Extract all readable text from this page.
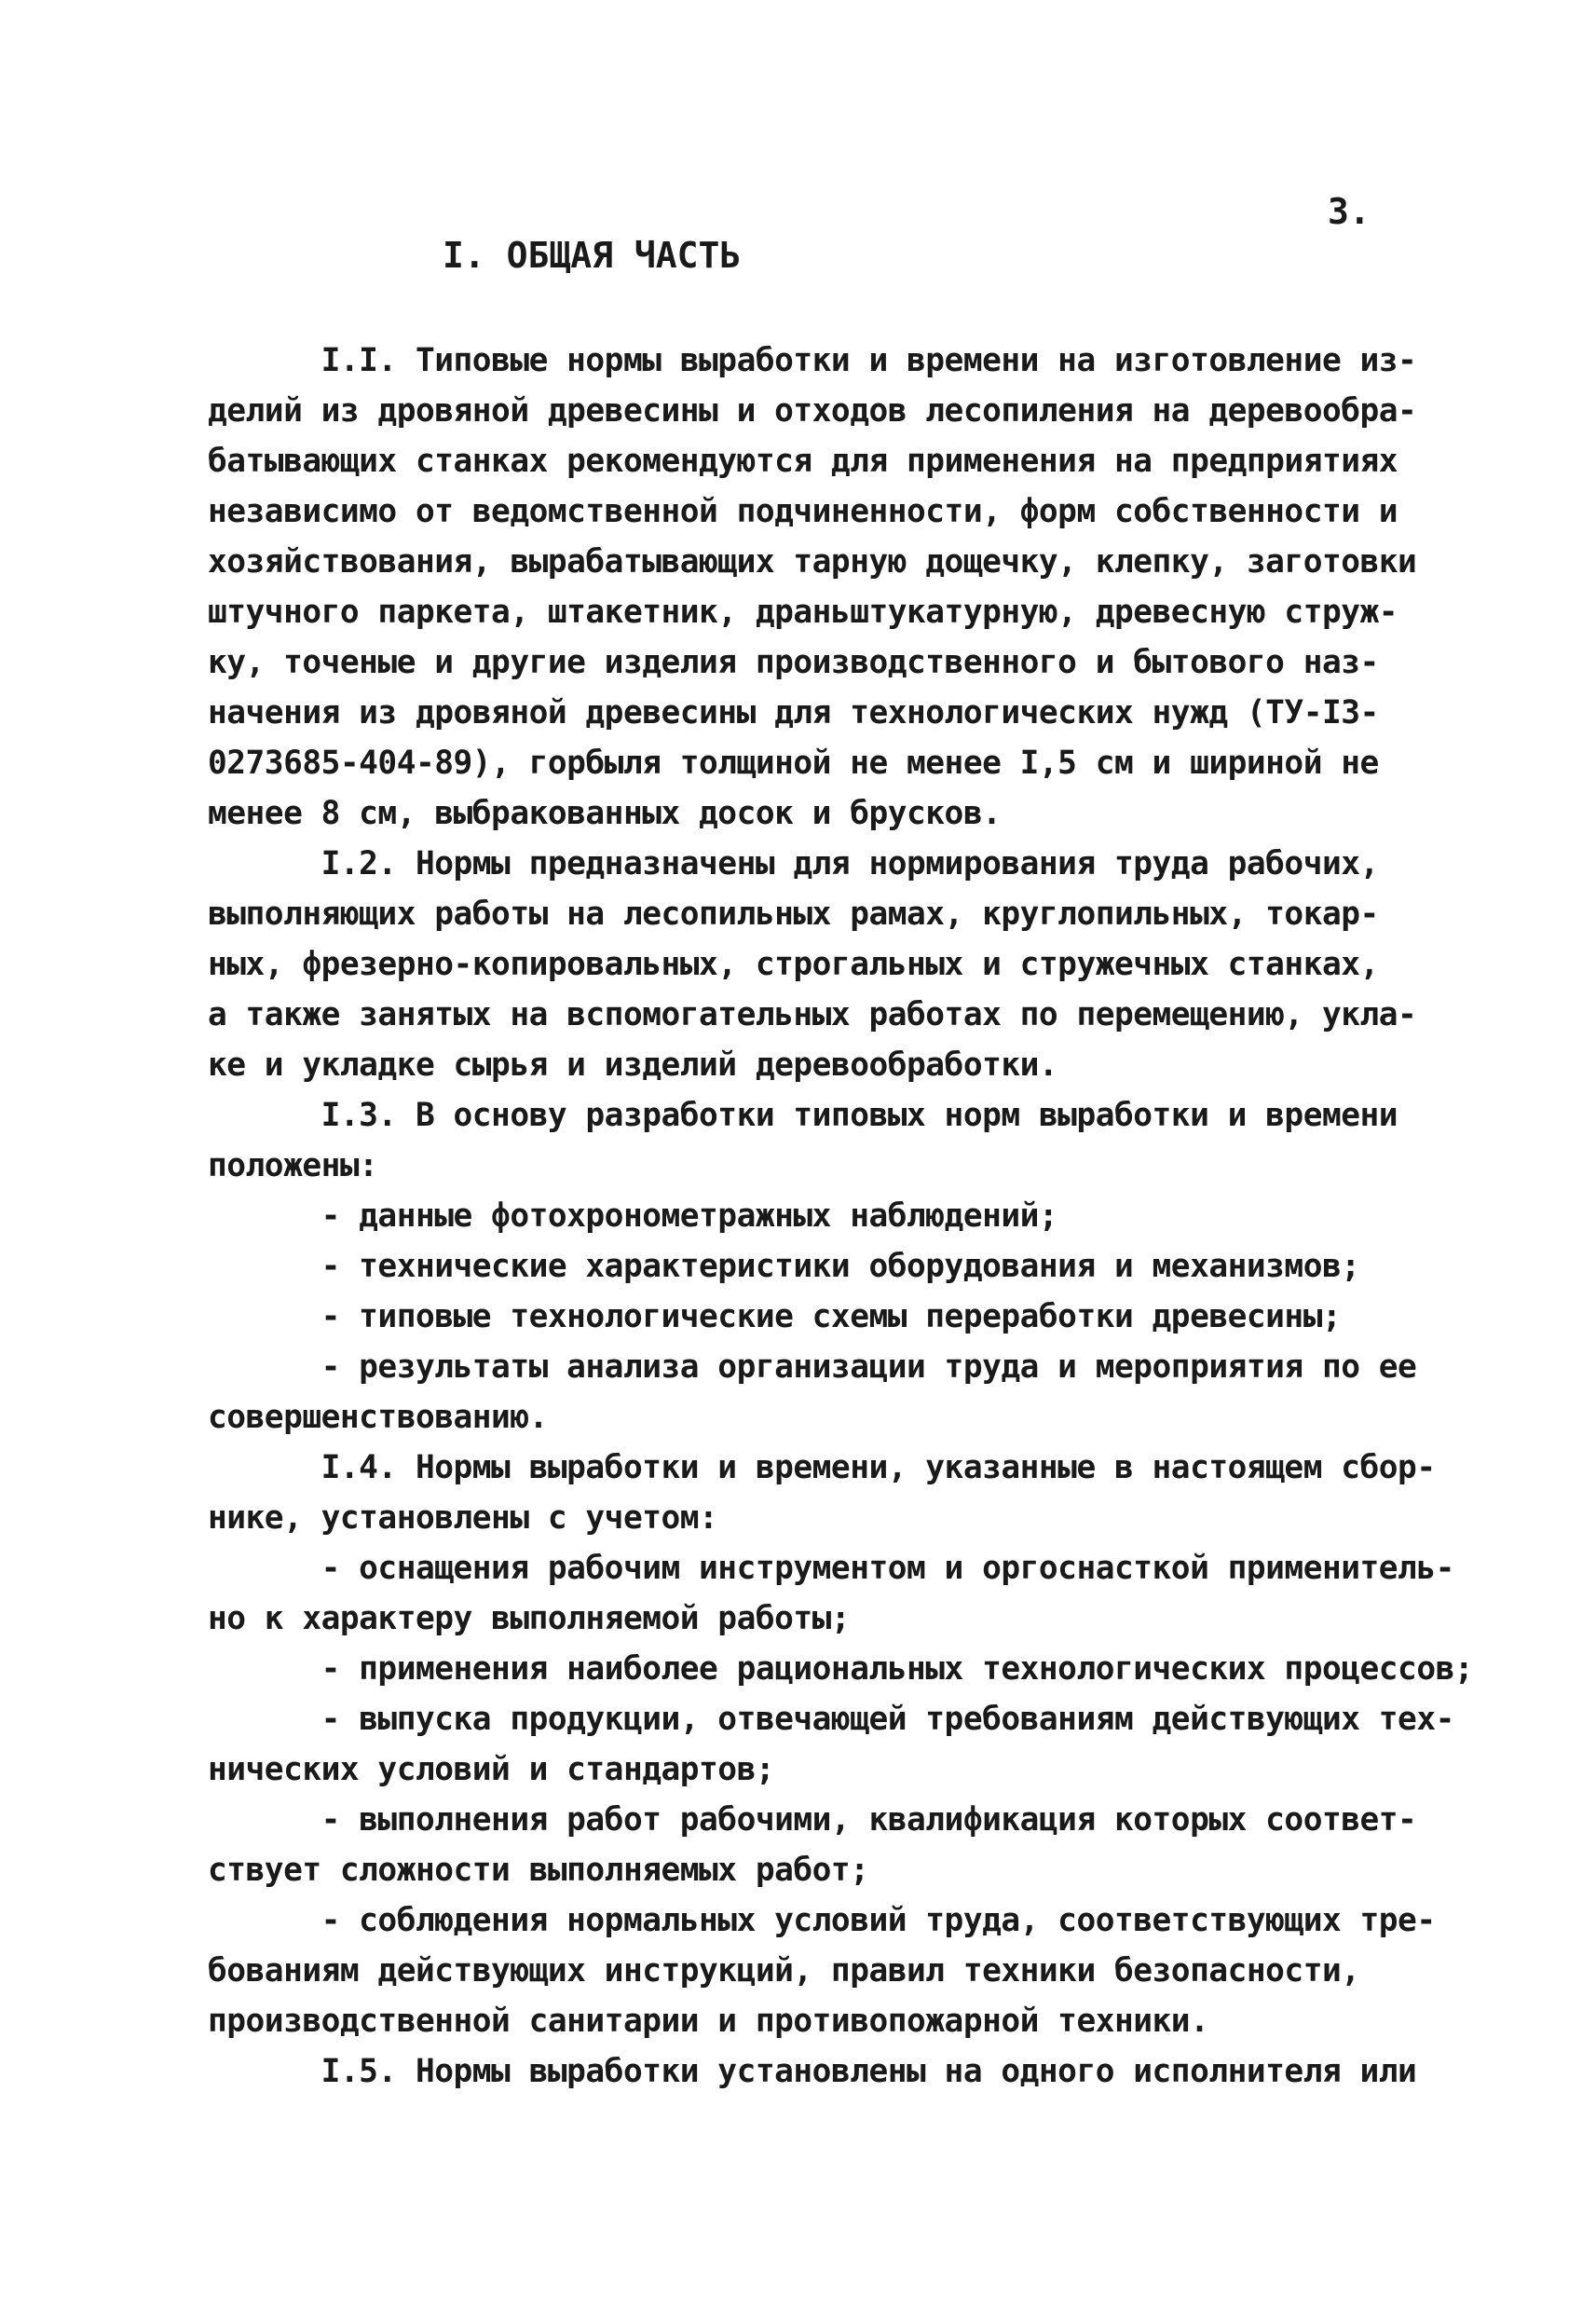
3.
I. ОБЩАЯ ЧАСТЬ
I.I. Типовые нормы выработки и времени на изготовление из-
делий из дровяной древесины и отходов лесопиления на деревообра-
батывающих станках рекомендуются для применения на предприятиях
независимо от ведомственной подчиненности, форм собственности и
хозяйствования, вырабатывающих тарную дощечку, клепку, заготовки
штучного паркета, штакетник, драньштукатурную, древесную струж-
ку, точеные и другие изделия производственного и бытового наз-
начения из дровяной древесины для технологических нужд (ТУ-I3-
0273685-404-89), горбыля толщиной не менее I,5 см и шириной не
менее 8 см, выбракованных досок и брусков.
I.2. Нормы предназначены для нормирования труда рабочих,
выполняющих работы на лесопильных рамах, круглопильных, токар-
ных, фрезерно-копировальных, строгальных и стружечных станках,
а также занятых на вспомогательных работах по перемещению, укла-
ке и укладке сырья и изделий деревообработки.
I.3. В основу разработки типовых норм выработки и времени
положены:
- данные фотохронометражных наблюдений;
- технические характеристики оборудования и механизмов;
- типовые технологические схемы переработки древесины;
- результаты анализа организации труда и мероприятия по ее
совершенствованию.
I.4. Нормы выработки и времени, указанные в настоящем сбор-
нике, установлены с учетом:
- оснащения рабочим инструментом и оргоснасткой применитель-
но к характеру выполняемой работы;
- применения наиболее рациональных технологических процессов;
- выпуска продукции, отвечающей требованиям действующих тех-
нических условий и стандартов;
- выполнения работ рабочими, квалификация которых соответ-
ствует сложности выполняемых работ;
- соблюдения нормальных условий труда, соответствующих тре-
бованиям действующих инструкций, правил техники безопасности,
производственной санитарии и противопожарной техники.
I.5. Нормы выработки установлены на одного исполнителя или
